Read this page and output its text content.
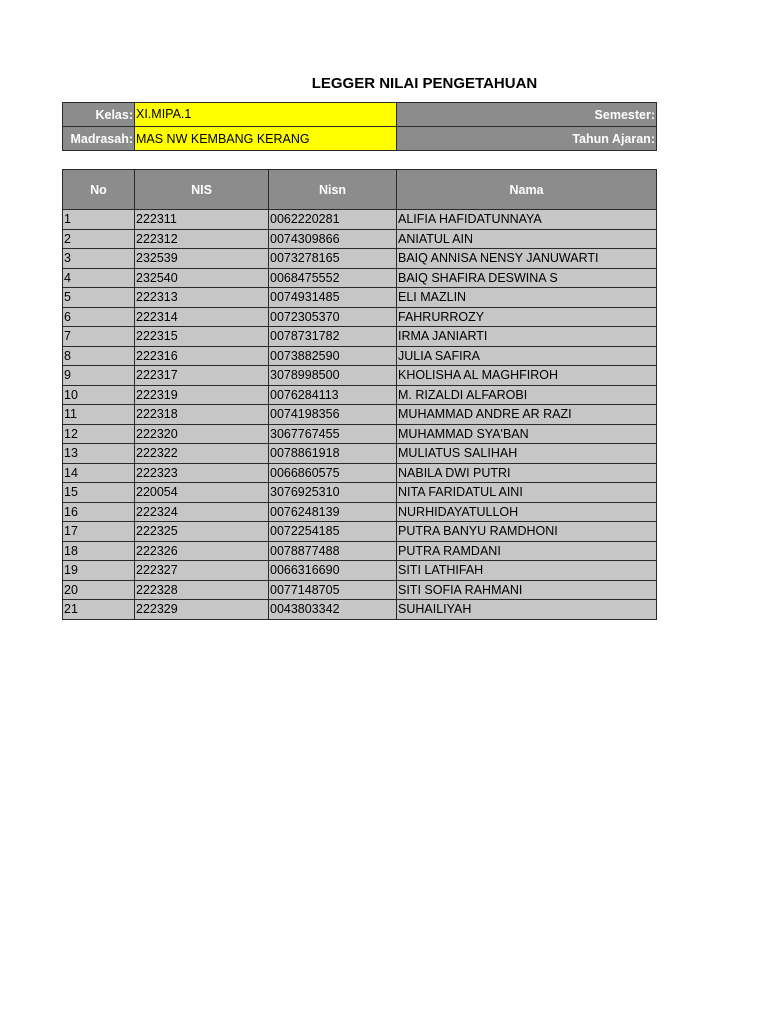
LEGGER NILAI PENGETAHUAN
Kelas:	XI.MIPA.1	Semester:
Madrasah:	MAS NW KEMBANG KERANG	Tahun Ajaran:
No	NIS	Nisn	Nama
1	222311	0062220281	ALIFIA HAFIDATUNNAYA
2	222312	0074309866	ANIATUL AIN
3	232539	0073278165	BAIQ ANNISA NENSY JANUWARTI
4	232540	0068475552	BAIQ SHAFIRA DESWINA S
5	222313	0074931485	ELI MAZLIN
6	222314	0072305370	FAHRURROZY
7	222315	0078731782	IRMA JANIARTI
8	222316	0073882590	JULIA SAFIRA
9	222317	3078998500	KHOLISHA AL MAGHFIROH
10	222319	0076284113	M. RIZALDI ALFAROBI
11	222318	0074198356	MUHAMMAD ANDRE AR RAZI
12	222320	3067767455	MUHAMMAD SYA'BAN
13	222322	0078861918	MULIATUS SALIHAH
14	222323	0066860575	NABILA DWI PUTRI
15	220054	3076925310	NITA FARIDATUL AINI
16	222324	0076248139	NURHIDAYATULLOH
17	222325	0072254185	PUTRA BANYU RAMDHONI
18	222326	0078877488	PUTRA RAMDANI
19	222327	0066316690	SITI LATHIFAH
20	222328	0077148705	SITI SOFIA RAHMANI
21	222329	0043803342	SUHAILIYAH
